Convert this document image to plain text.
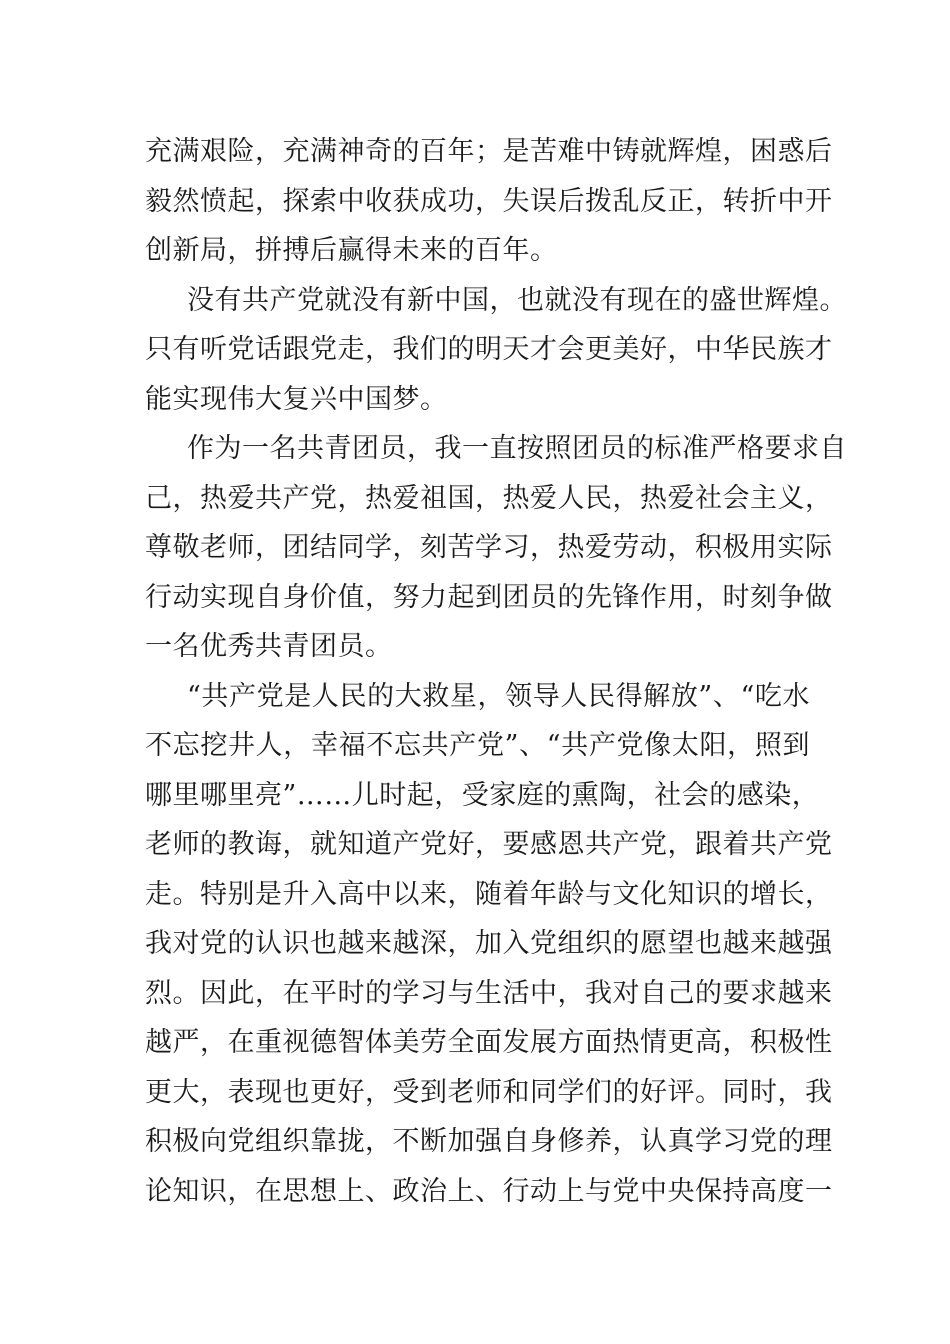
充满艰险，充满神奇的百年；是苦难中铸就辉煌，困惑后
毅然愤起，探索中收获成功，失误后拨乱反正，转折中开
创新局，拼搏后赢得未来的百年。
没有共产党就没有新中国，也就没有现在的盛世辉煌。
只有听党话跟党走，我们的明天才会更美好，中华民族才
能实现伟大复兴中国梦。
作为一名共青团员，我一直按照团员的标准严格要求自
己，热爱共产党，热爱祖国，热爱人民，热爱社会主义，
尊敬老师，团结同学，刻苦学习，热爱劳动，积极用实际
行动实现自身价值，努力起到团员的先锋作用，时刻争做
一名优秀共青团员。
“共产党是人民的大救星，领导人民得解放”、“吃水
不忘挖井人，幸福不忘共产党”、“共产党像太阳，照到
哪里哪里亮”……儿时起，受家庭的熏陶，社会的感染，
老师的教诲，就知道产党好，要感恩共产党，跟着共产党
走。特别是升入高中以来，随着年龄与文化知识的增长，
我对党的认识也越来越深，加入党组织的愿望也越来越强
烈。因此，在平时的学习与生活中，我对自己的要求越来
越严，在重视德智体美劳全面发展方面热情更高，积极性
更大，表现也更好，受到老师和同学们的好评。同时，我
积极向党组织靠拢，不断加强自身修养，认真学习党的理
论知识，在思想上、政治上、行动上与党中央保持高度一
